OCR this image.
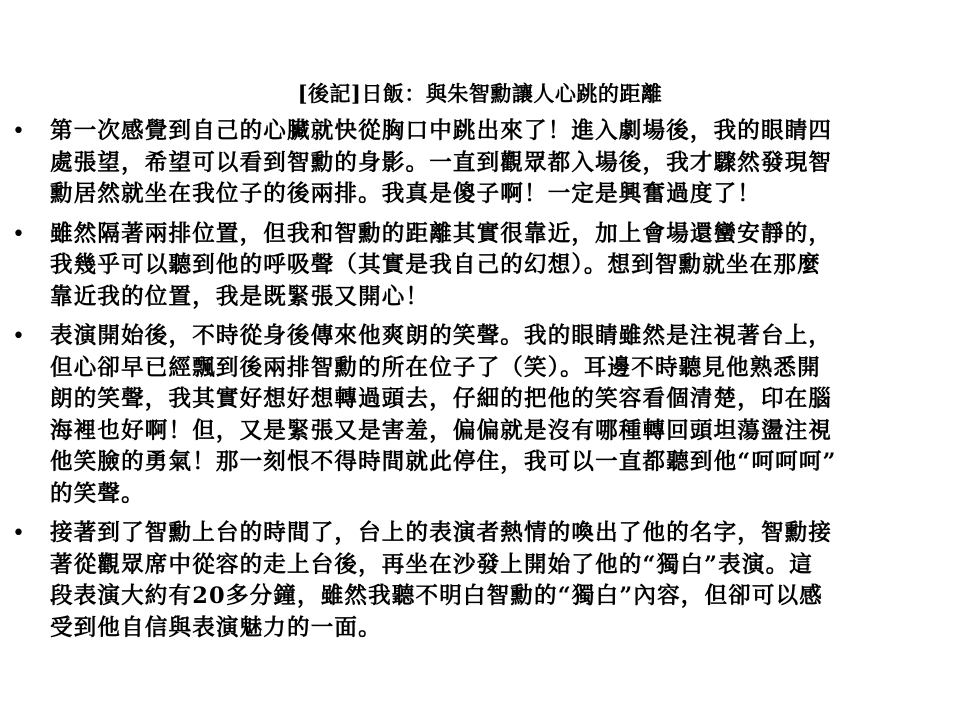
[後記]日飯：與朱智勳讓人心跳的距離
• 第一次感覺到自己的心臟就快從胸口中跳出來了！進入劇場後，我的眼睛四
處張望，希望可以看到智勳的身影。一直到觀眾都入場後，我才驟然發現智
勳居然就坐在我位子的後兩排。我真是傻子啊！一定是興奮過度了！
• 雖然隔著兩排位置，但我和智勳的距離其實很靠近，加上會場還蠻安靜的，
我幾乎可以聽到他的呼吸聲（其實是我自己的幻想）。想到智勳就坐在那麼
靠近我的位置，我是既緊張又開心！
• 表演開始後，不時從身後傳來他爽朗的笑聲。我的眼睛雖然是注視著台上，
但心卻早已經飄到後兩排智勳的所在位子了（笑）。耳邊不時聽見他熟悉開
朗的笑聲，我其實好想好想轉過頭去，仔細的把他的笑容看個清楚，印在腦
海裡也好啊！但，又是緊張又是害羞，偏偏就是沒有哪種轉回頭坦蕩盪注視
他笑臉的勇氣！那一刻恨不得時間就此停住，我可以一直都聽到他“呵呵呵”
的笑聲。
• 接著到了智勳上台的時間了，台上的表演者熱情的喚出了他的名字，智勳接
著從觀眾席中從容的走上台後，再坐在沙發上開始了他的“獨白”表演。這
段表演大約有20多分鐘，雖然我聽不明白智勳的“獨白”內容，但卻可以感
受到他自信與表演魅力的一面。
